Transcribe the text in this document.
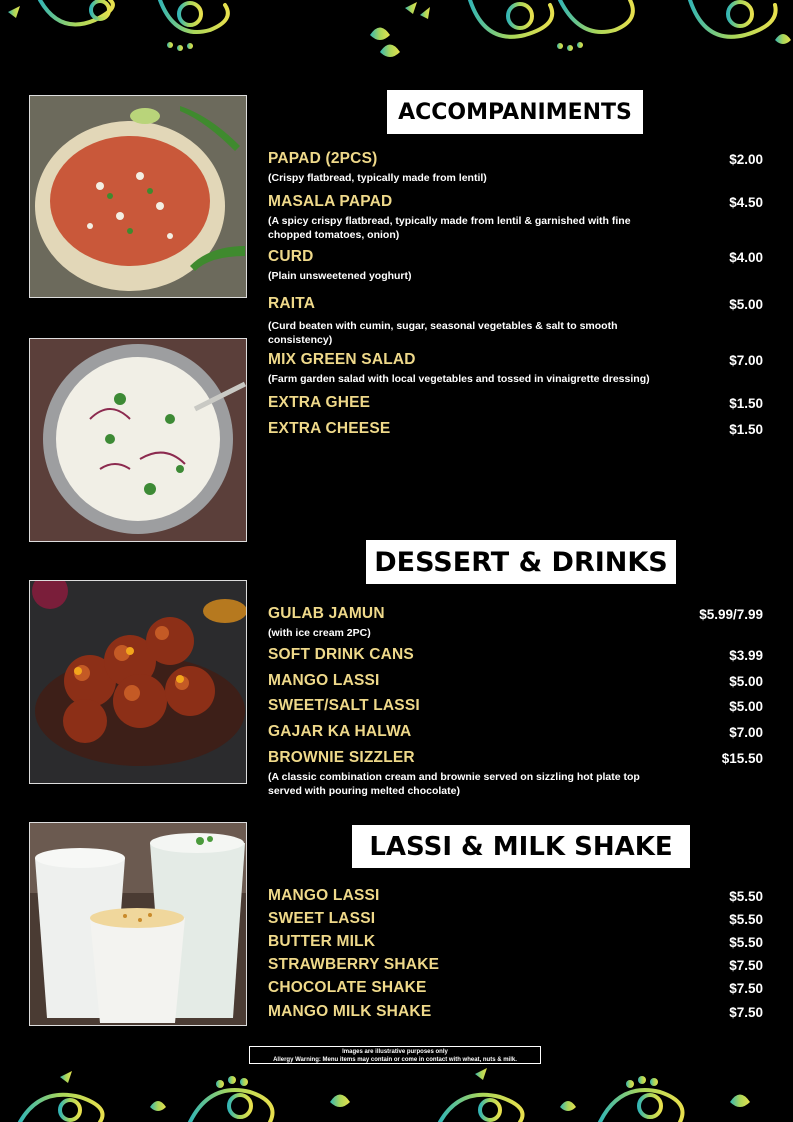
ACCOMPANIMENTS
PAPAD (2PCS)	$2.00
(Crispy flatbread, typically made from lentil)
MASALA PAPAD	$4.50
(A spicy crispy flatbread, typically made from lentil & garnished with fine chopped tomatoes, onion)
CURD	$4.00
(Plain unsweetened yoghurt)
RAITA	$5.00
(Curd beaten with cumin, sugar, seasonal vegetables & salt to smooth consistency)
MIX GREEN SALAD	$7.00
(Farm garden salad with local vegetables and tossed in vinaigrette dressing)
EXTRA GHEE	$1.50
EXTRA CHEESE	$1.50
DESSERT & DRINKS
GULAB JAMUN	$5.99/7.99
(with ice cream 2PC)
SOFT DRINK CANS	$3.99
MANGO LASSI	$5.00
SWEET/SALT LASSI	$5.00
GAJAR KA HALWA	$7.00
BROWNIE SIZZLER	$15.50
(A classic combination cream and brownie served on sizzling hot plate top served with pouring melted chocolate)
LASSI & MILK SHAKE
MANGO LASSI	$5.50
SWEET LASSI	$5.50
BUTTER MILK	$5.50
STRAWBERRY SHAKE	$7.50
CHOCOLATE SHAKE	$7.50
MANGO MILK SHAKE	$7.50
Images are illustrative purposes only
Allergy Warning: Menu items may contain or come in contact with wheat, nuts & milk.
